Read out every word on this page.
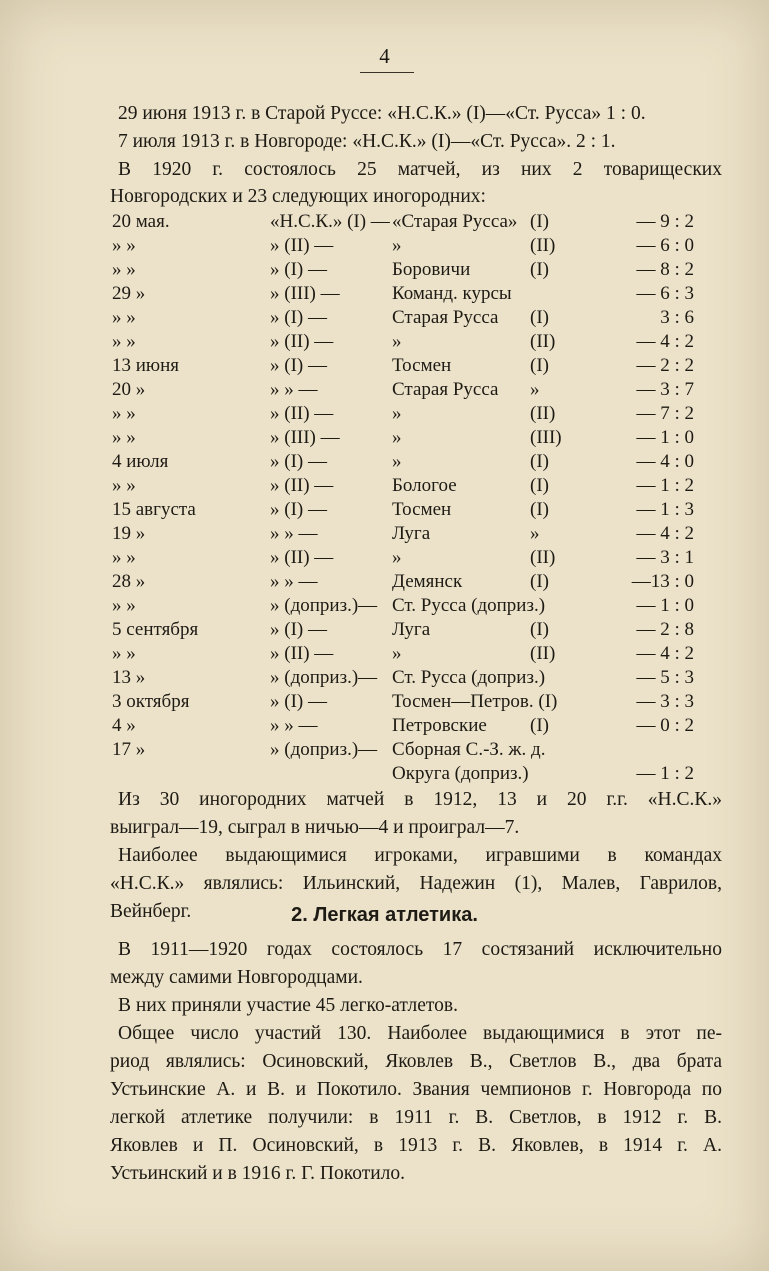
4
29 июня 1913 г. в Старой Руссе: «Н.С.К.» (I)—«Ст. Русса» 1 : 0.
7 июля 1913 г. в Новгороде: «Н.С.К.» (I)—«Ст. Русса». 2 : 1.
В 1920 г. состоялось 25 матчей, из них 2 товарищеских
Новгородских и 23 следующих иногородних:
20 мая.	«Н.С.К.» (I) — «Старая Русса» (I)	— 9 : 2
» »	» (II) —	»	(II)	— 6 : 0
» »	» (I) —	Боровичи	(I)	— 8 : 2
29 »	» (III) —	Команд. курсы	— 6 : 3
» »	» (I) —	Старая Русса (I)	3 : 6
» »	» (II) —	»	(II)	— 4 : 2
13 июня	» (I) —	Тосмен	(I)	— 2 : 2
20 »	» » —	Старая Русса »	— 3 : 7
» »	» (II) —	»	(II)	— 7 : 2
» »	» (III) —	»	(III)	— 1 : 0
4 июля	» (I) —	»	(I)	— 4 : 0
» »	» (II) —	Бологое	(I)	— 1 : 2
15 августа	» (I) —	Тосмен	(I)	— 1 : 3
19 »	» » —	Луга	»	— 4 : 2
» »	» (II) —	»	(II)	— 3 : 1
28 »	» » —	Демянск	(I)	—13 : 0
» »	» (доприз.)— Ст. Русса (доприз.)	— 1 : 0
5 сентября	» (I) —	Луга	(I)	— 2 : 8
» »	» (II) —	»	(II)	— 4 : 2
13 »	» (доприз.)— Ст. Русса (доприз.)	— 5 : 3
3 октября	» (I) —	Тосмен—Петров. (I)	— 3 : 3
4 »	» » —	Петровские (I)	— 0 : 2
17 »	» (доприз.)— Сборная С.-З. ж. д.
Округа (доприз.)	— 1 : 2
Из 30 иногородних матчей в 1912, 13 и 20 г.г. «Н.С.К.»
выиграл—19, сыграл в ничью—4 и проиграл—7.
Наиболее выдающимися игроками, игравшими в командах
«Н.С.К.» являлись: Ильинский, Надежин (1), Малев, Гаврилов,
Вейнберг.	2. Легкая атлетика.
В 1911—1920 годах состоялось 17 состязаний исключительно
между самими Новгородцами.
В них приняли участие 45 легко-атлетов.
Общее число участий 130. Наиболее выдающимися в этот пе-
риод являлись: Осиновский, Яковлев В., Светлов В., два брата
Устьинские А. и В. и Покотило. Звания чемпионов г. Новгорода по
легкой атлетике получили: в 1911 г. В. Светлов, в 1912 г. В.
Яковлев и П. Осиновский, в 1913 г. В. Яковлев, в 1914 г. А.
Устьинский и в 1916 г. Г. Покотило.
